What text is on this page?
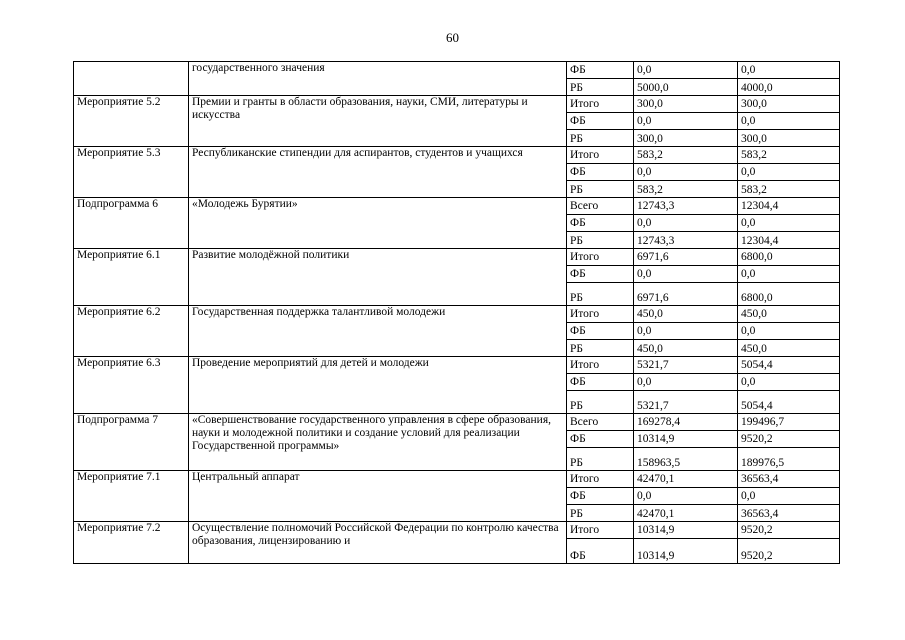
60
	государственного значения	ФБ	0,0	0,0
		РБ	5000,0	4000,0
Мероприятие 5.2	Премии и гранты в области образования, науки, СМИ, литературы и искусства	Итого	300,0	300,0
		ФБ	0,0	0,0
		РБ	300,0	300,0
Мероприятие 5.3	Республиканские стипендии для аспирантов, студентов и учащихся	Итого	583,2	583,2
		ФБ	0,0	0,0
		РБ	583,2	583,2
Подпрограмма 6	«Молодежь Бурятии»	Всего	12743,3	12304,4
		ФБ	0,0	0,0
		РБ	12743,3	12304,4
Мероприятие 6.1	Развитие молодёжной политики	Итого	6971,6	6800,0
		ФБ	0,0	0,0
		РБ	6971,6	6800,0
Мероприятие 6.2	Государственная поддержка талантливой молодежи	Итого	450,0	450,0
		ФБ	0,0	0,0
		РБ	450,0	450,0
Мероприятие 6.3	Проведение мероприятий для детей и молодежи	Итого	5321,7	5054,4
		ФБ	0,0	0,0
		РБ	5321,7	5054,4
Подпрограмма 7	«Совершенствование государственного управления в сфере образования, науки и молодежной политики и создание условий для реализации Государственной программы»	Всего	169278,4	199496,7
		ФБ	10314,9	9520,2
		РБ	158963,5	189976,5
Мероприятие 7.1	Центральный аппарат	Итого	42470,1	36563,4
		ФБ	0,0	0,0
		РБ	42470,1	36563,4
Мероприятие 7.2	Осуществление полномочий Российской Федерации по контролю качества образования, лицензированию и	Итого	10314,9	9520,2
		ФБ	10314,9	9520,2
